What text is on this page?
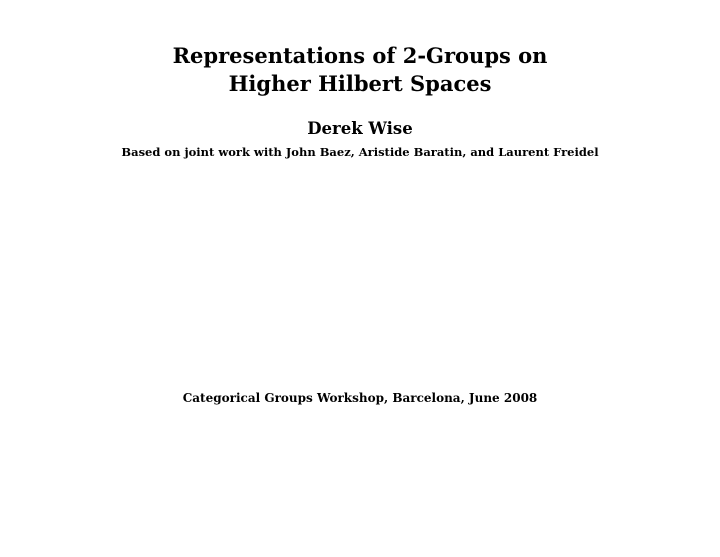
Representations of 2-Groups on
Higher Hilbert Spaces
Derek Wise
Based on joint work with John Baez, Aristide Baratin, and Laurent Freidel
Categorical Groups Workshop, Barcelona, June 2008
